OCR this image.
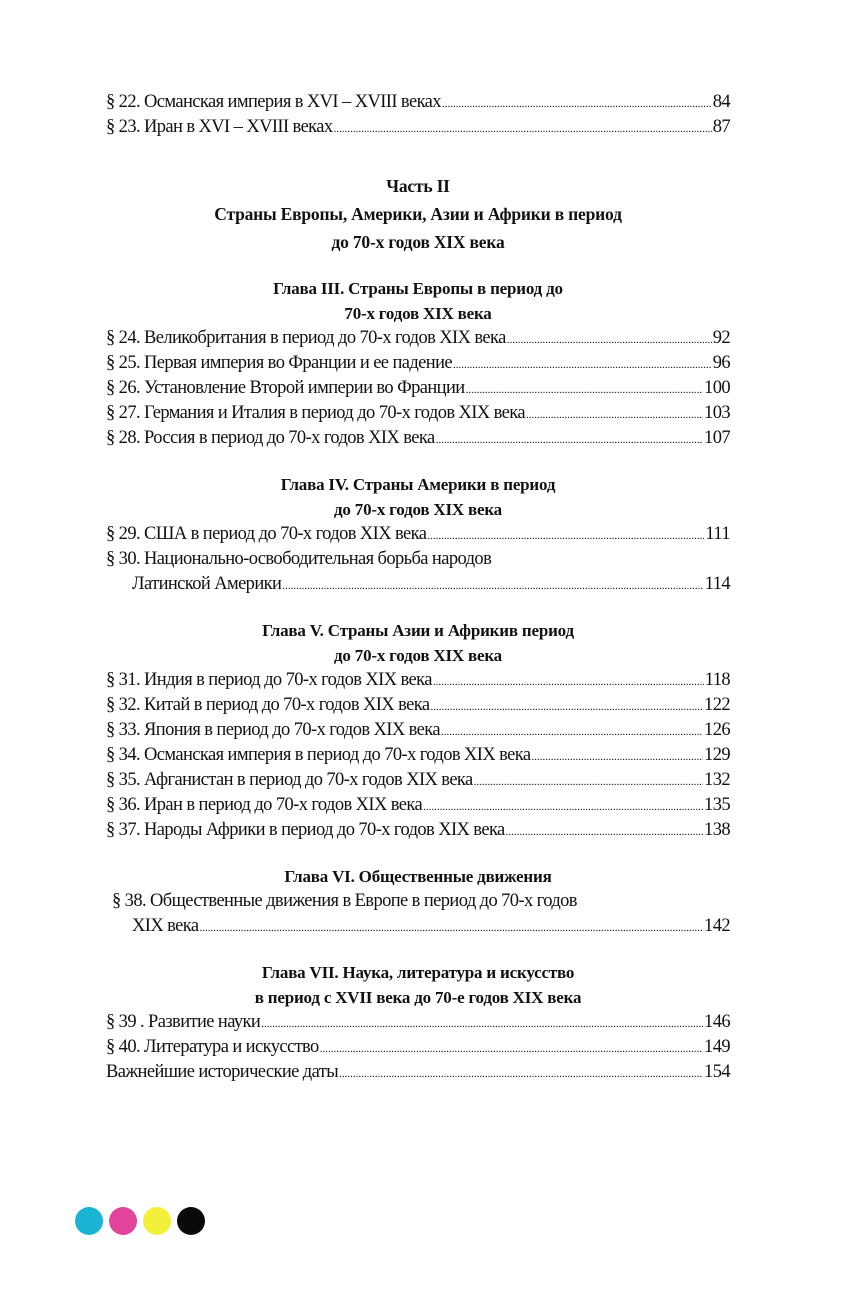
§ 22. Османская империя в XVI – XVIII веках .....	84
§ 23. Иран в XVI – XVIII веках .....	87
Часть II
Страны Европы, Америки, Азии и Африки в период
до 70-х годов XIX века
Глава III. Страны Европы в период до
70-х годов XIX века
§ 24. Великобритания в период до 70-х годов XIX века .....	92
§ 25. Первая империя во Франции и ее падение .....	96
§ 26. Установление Второй империи во Франции .....	100
§ 27. Германия и Италия в период до 70-х годов XIX века .....	103
§ 28. Россия в период до 70-х годов XIX века .....	107
Глава IV. Страны Америки в период
до 70-х годов XIX века
§ 29. США в период до 70-х годов XIX века .....	111
§ 30. Национально-освободительная борьба народов
Латинской Америки .....	114
Глава V. Страны Азии и Африкив период
до 70-х годов XIX века
§ 31. Индия в период до 70-х годов XIX века .....	118
§ 32. Китай в период до 70-х годов XIX века .....	122
§ 33. Япония в период до 70-х годов XIX века .....	126
§ 34. Османская империя в период до 70-х годов XIX века .....	129
§ 35. Афганистан в период до 70-х годов XIX века .....	132
§ 36. Иран в период до 70-х годов XIX века .....	135
§ 37. Народы Африки в период до 70-х годов XIX века .....	138
Глава VI. Общественные движения
§ 38. Общественные движения в Европе в период до 70-х годов
XIX века .....	142
Глава VII. Наука, литература и искусство
в период с XVII века до 70-е годов XIX века
§ 39 . Развитие науки .....	146
§ 40. Литература и искусство .....	149
Важнейшие исторические даты .....	154
